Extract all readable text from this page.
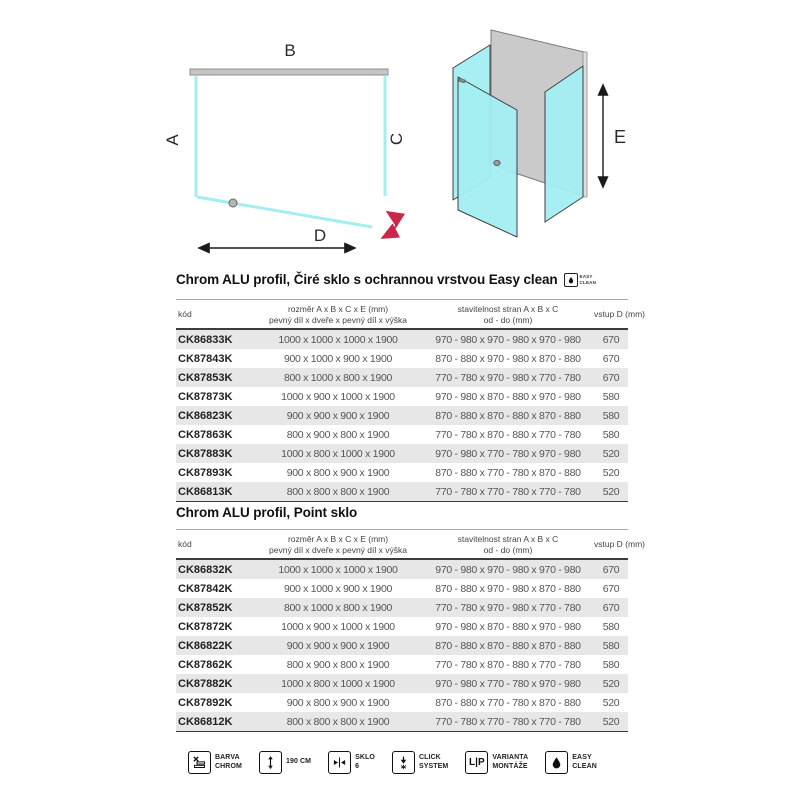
B
A	C
D
E
Chrom ALU profil, Čiré sklo s ochrannou vrstvou Easy clean	EASY
CLEAN
kód	rozměr A x B x C x E (mm)
pevný díl x dveře x pevný díl x výška	stavitelnost stran A x B x C
od - do (mm)	vstup D (mm)
CK86833K	1000 x 1000 x 1000 x 1900	970 - 980 x 970 - 980 x 970 - 980	670
CK87843K	900 x 1000 x 900 x 1900	870 - 880 x 970 - 980 x 870 - 880	670
CK87853K	800 x 1000 x 800 x 1900	770 - 780 x 970 - 980 x 770 - 780	670
CK87873K	1000 x 900 x 1000 x 1900	970 - 980 x 870 - 880 x 970 - 980	580
CK86823K	900 x 900 x 900 x 1900	870 - 880 x 870 - 880 x 870 - 880	580
CK87863K	800 x 900 x 800 x 1900	770 - 780 x 870 - 880 x 770 - 780	580
CK87883K	1000 x 800 x 1000 x 1900	970 - 980 x 770 - 780 x 970 - 980	520
CK87893K	900 x 800 x 900 x 1900	870 - 880 x 770 - 780 x 870 - 880	520
CK86813K	800 x 800 x 800 x 1900	770 - 780 x 770 - 780 x 770 - 780	520
Chrom ALU profil, Point sklo
kód	rozměr A x B x C x E (mm)
pevný díl x dveře x pevný díl x výška	stavitelnost stran A x B x C
od - do (mm)	vstup D (mm)
CK86832K	1000 x 1000 x 1000 x 1900	970 - 980 x 970 - 980 x 970 - 980	670
CK87842K	900 x 1000 x 900 x 1900	870 - 880 x 970 - 980 x 870 - 880	670
CK87852K	800 x 1000 x 800 x 1900	770 - 780 x 970 - 980 x 770 - 780	670
CK87872K	1000 x 900 x 1000 x 1900	970 - 980 x 870 - 880 x 970 - 980	580
CK86822K	900 x 900 x 900 x 1900	870 - 880 x 870 - 880 x 870 - 880	580
CK87862K	800 x 900 x 800 x 1900	770 - 780 x 870 - 880 x 770 - 780	580
CK87882K	1000 x 800 x 1000 x 1900	970 - 980 x 770 - 780 x 970 - 980	520
CK87892K	900 x 800 x 900 x 1900	870 - 880 x 770 - 780 x 870 - 880	520
CK86812K	800 x 800 x 800 x 1900	770 - 780 x 770 - 780 x 770 - 780	520
BARVA
CHROM
190 CM
SKLO
6
CLICK
SYSTEM L|P VARIANTA
MONTÁŽE
EASY
CLEAN
